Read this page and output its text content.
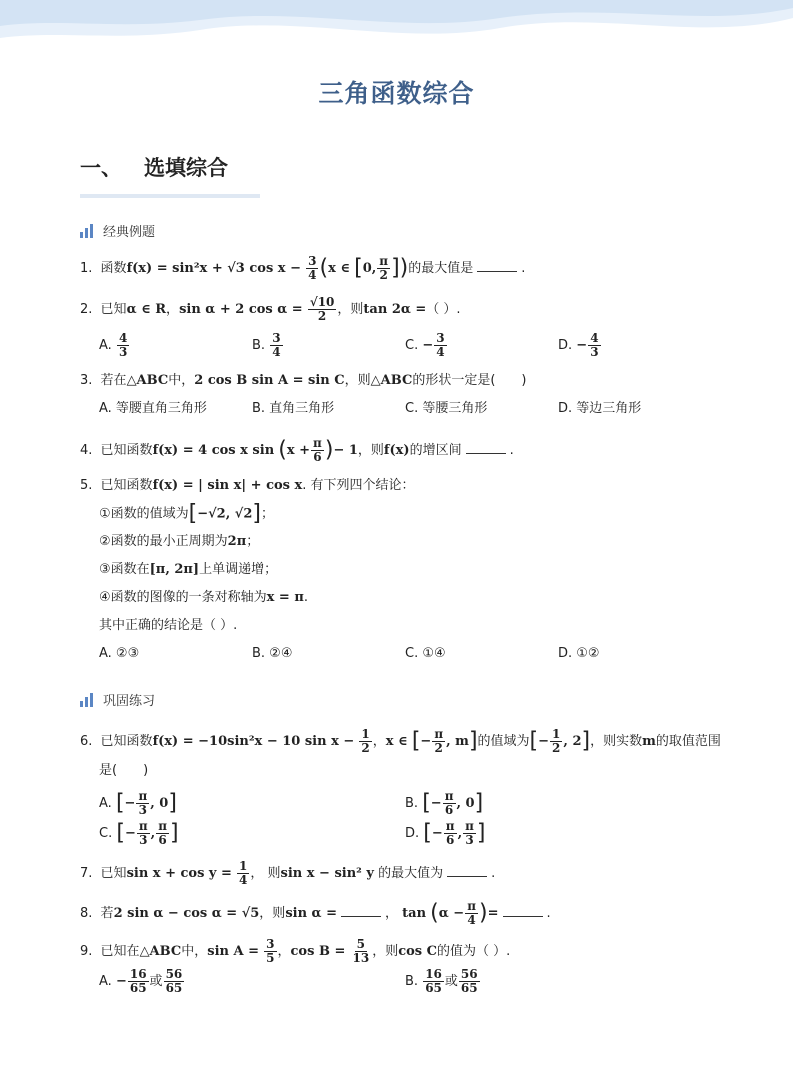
三角函数综合
一、 选填综合
经典例题
1. 函数f(x) = sin²x + √3 $\cos x - \frac{3}{4} (x$ ∈ [0, $\frac{\pi}{2}$ ])的最大值是	.
2. 已知α ∈ R，sin α + 2 $\cos \alpha = \frac{√10}{2}$ ，则tan 2α =（ ）.
A. $\frac{4}{3}$	B. $\frac{3}{4}$	C. − $\frac{3}{4}$	D. − $\frac{4}{3}$
3. 若在△ABC中，2 cos B sin A = sin C，则△ABC的形状一定是(　　)
A. 等腰直角三角形	B. 直角三角形	C. 等腰三角形	D. 等边三角形
4. 已知函数f(x) = 4 cos x $\sin (x + \frac{\pi}{6}$ )− 1，则f(x)的增区间	.
5. 已知函数f(x) = | sin x| + cos x. 有下列四个结论：
①函数的值域为[−√2, √2]；
②函数的最小正周期为2π；
③函数在[π, 2π]上单调递增；
④函数的图像的一条对称轴为x = π.
其中正确的结论是（ ）.
A. ②③	B. ②④	C. ①④	D. ①②
巩固练习
6. 已知函数f(x) = −10sin²x − 10 $\sin x - \frac{1}{2}$ ，x ∈ [− $\frac{\pi}{2}$ , m]的值域为[− $\frac{1}{2}$ , 2]，则实数m的取值范围
是(　　)
A. [− $\frac{\pi}{3}$ , 0]	B. [− $\frac{\pi}{6}$ , 0]
C. [− $\frac{\pi}{3}$ , $\frac{\pi}{6}$ ]	D. [− $\frac{\pi}{6}$ , $\frac{\pi}{3}$ ]
7. 已知$\sin x + \cos y = \frac{1}{4}$ ， 则sin x − sin² y 的最大值为	.
8. 若2 sin α − cos α = √5，则sin α =	， $\tan (\alpha - \frac{\pi}{4}$ )=	.
9. 已知在△ABC中，$\sin A = \frac{3}{5}$ ，$\cos B = \frac{5}{13}$ ，则cos C的值为（ ）.
A. − $\frac{16}{65}$ 或 $\frac{56}{65}$	B. $\frac{16}{65}$ 或 $\frac{56}{65}$
